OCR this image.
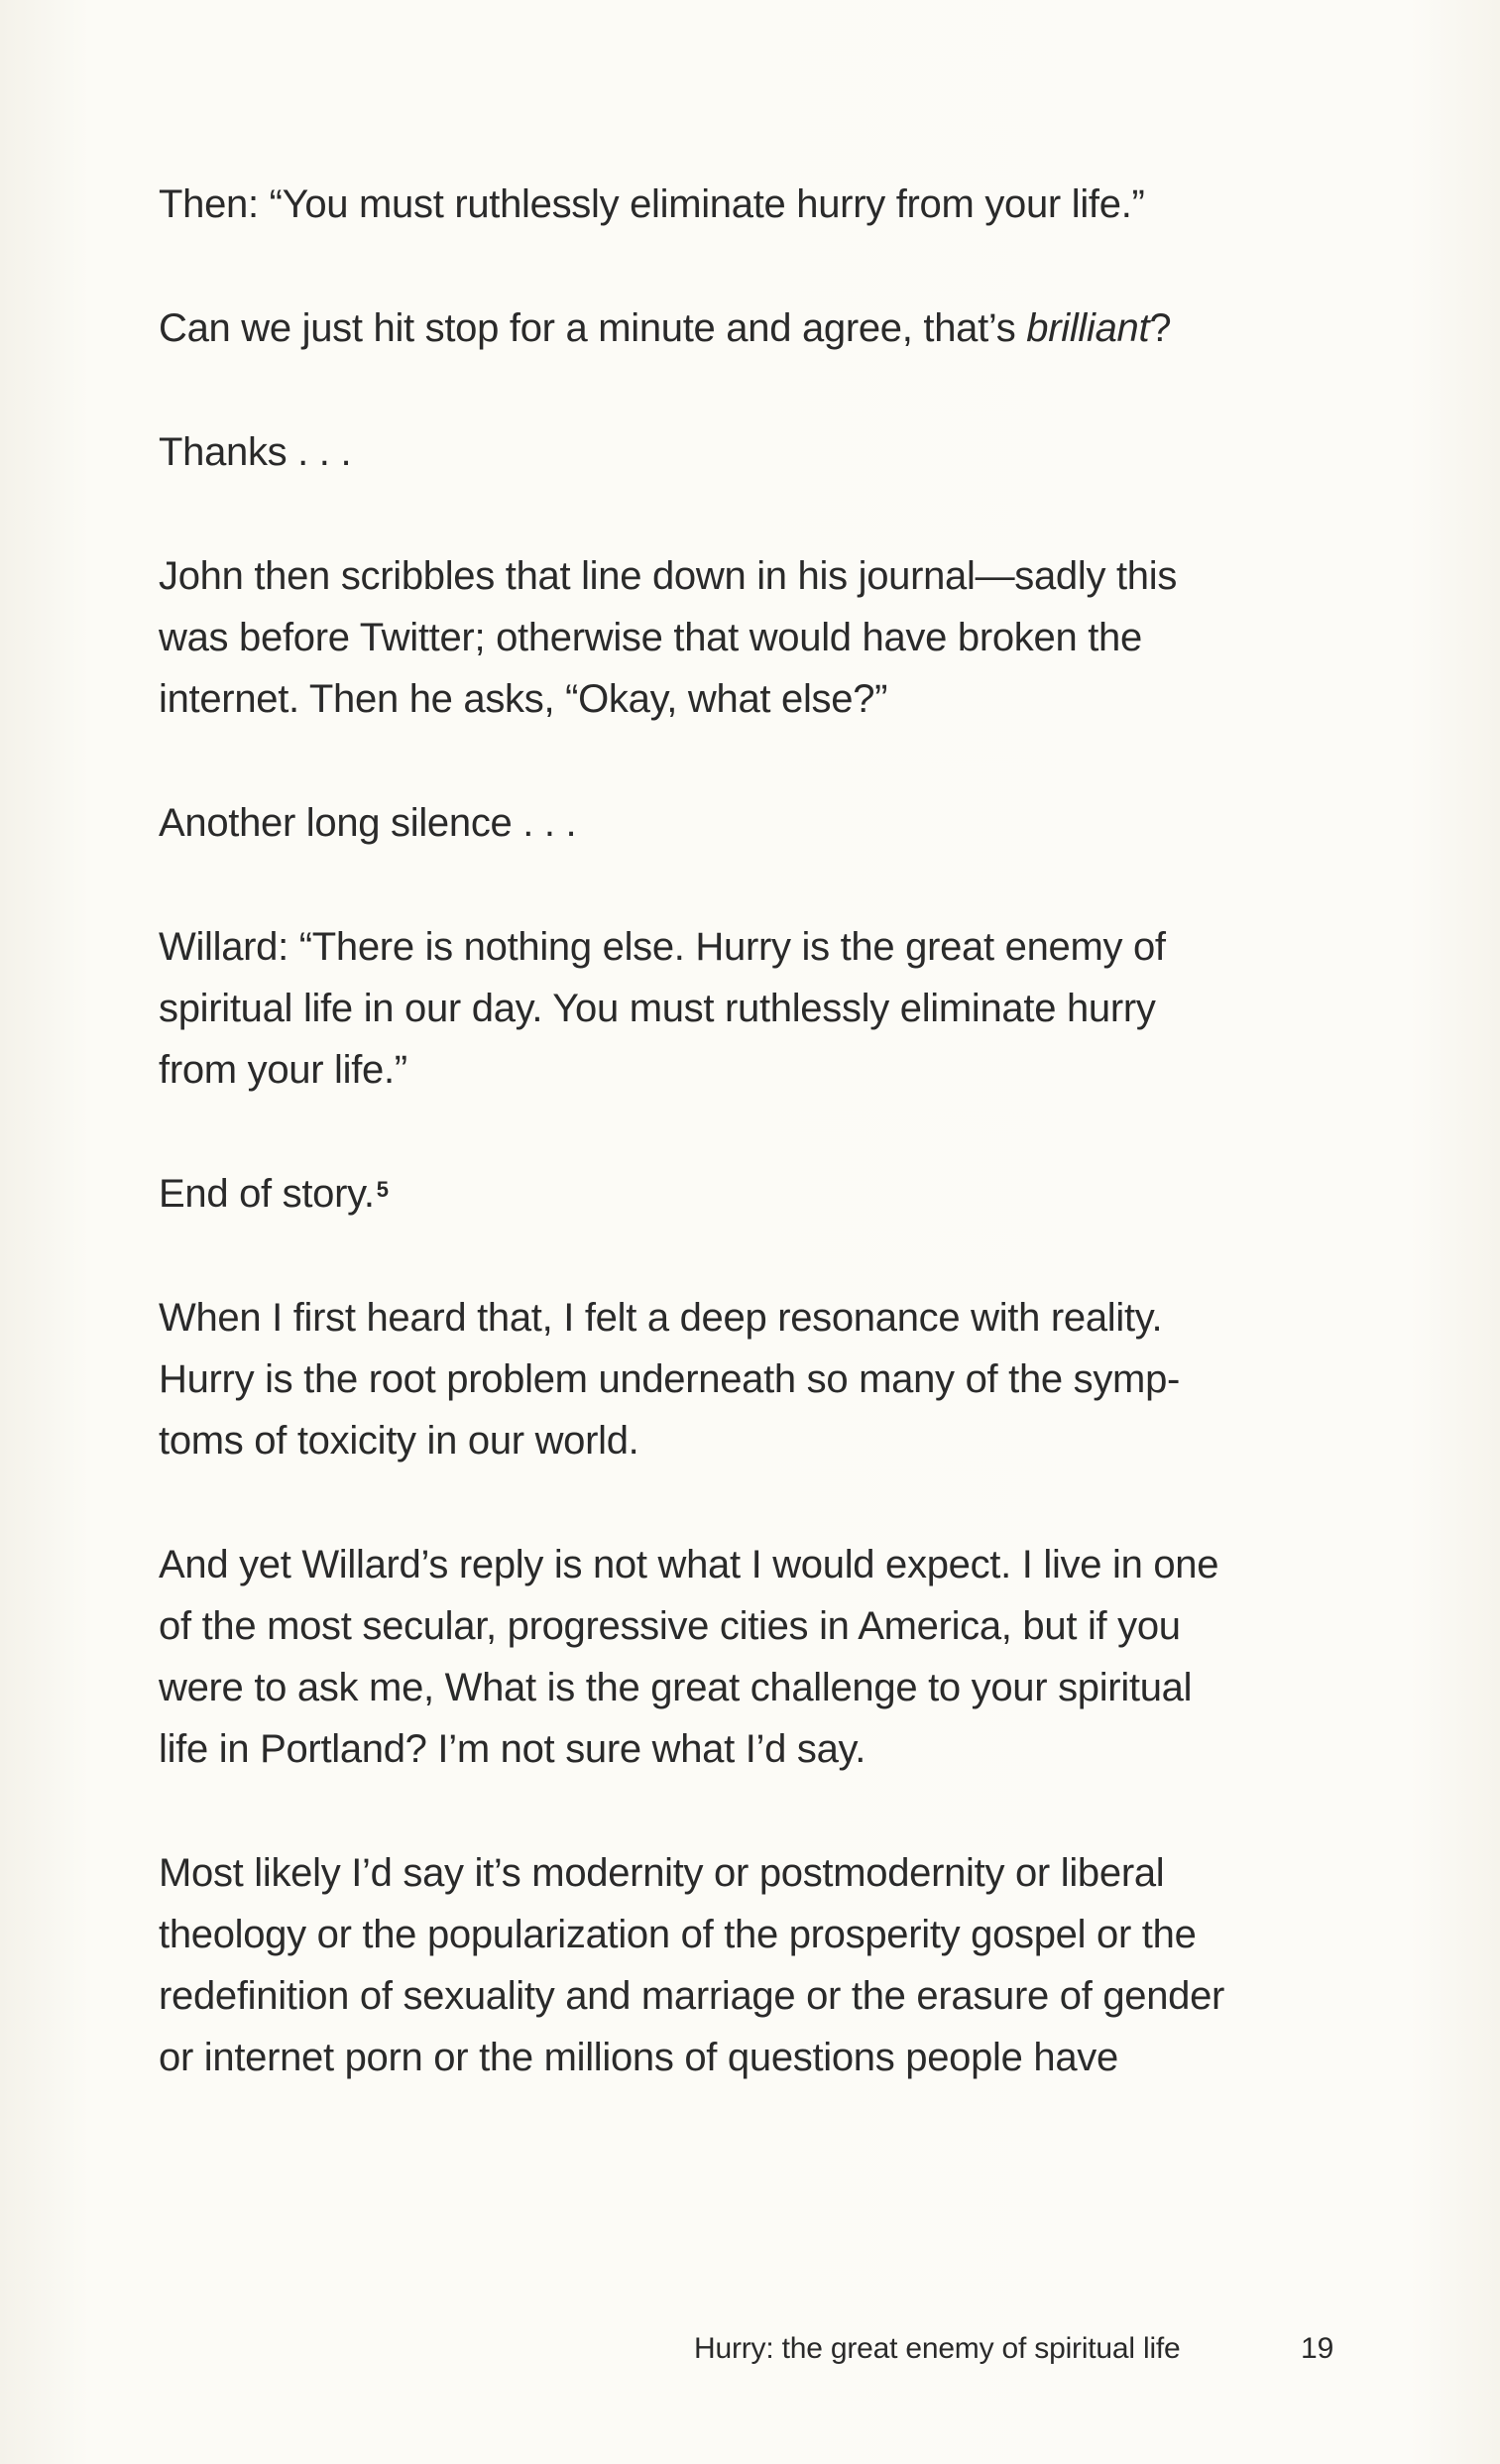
Then: “You must ruthlessly eliminate hurry from your life.”

Can we just hit stop for a minute and agree, that’s brilliant?

Thanks . . .

John then scribbles that line down in his journal—sadly this
was before Twitter; otherwise that would have broken the
internet. Then he asks, “Okay, what else?”

Another long silence . . .

Willard: “There is nothing else. Hurry is the great enemy of
spiritual life in our day. You must ruthlessly eliminate hurry
from your life.”

End of story.$^5$

When I first heard that, I felt a deep resonance with reality.
Hurry is the root problem underneath so many of the symp-
toms of toxicity in our world.

And yet Willard’s reply is not what I would expect. I live in one
of the most secular, progressive cities in America, but if you
were to ask me, What is the great challenge to your spiritual
life in Portland? I’m not sure what I’d say.

Most likely I’d say it’s modernity or postmodernity or liberal
theology or the popularization of the prosperity gospel or the
redefinition of sexuality and marriage or the erasure of gender
or internet porn or the millions of questions people have

Hurry: the great enemy of spiritual life	19
